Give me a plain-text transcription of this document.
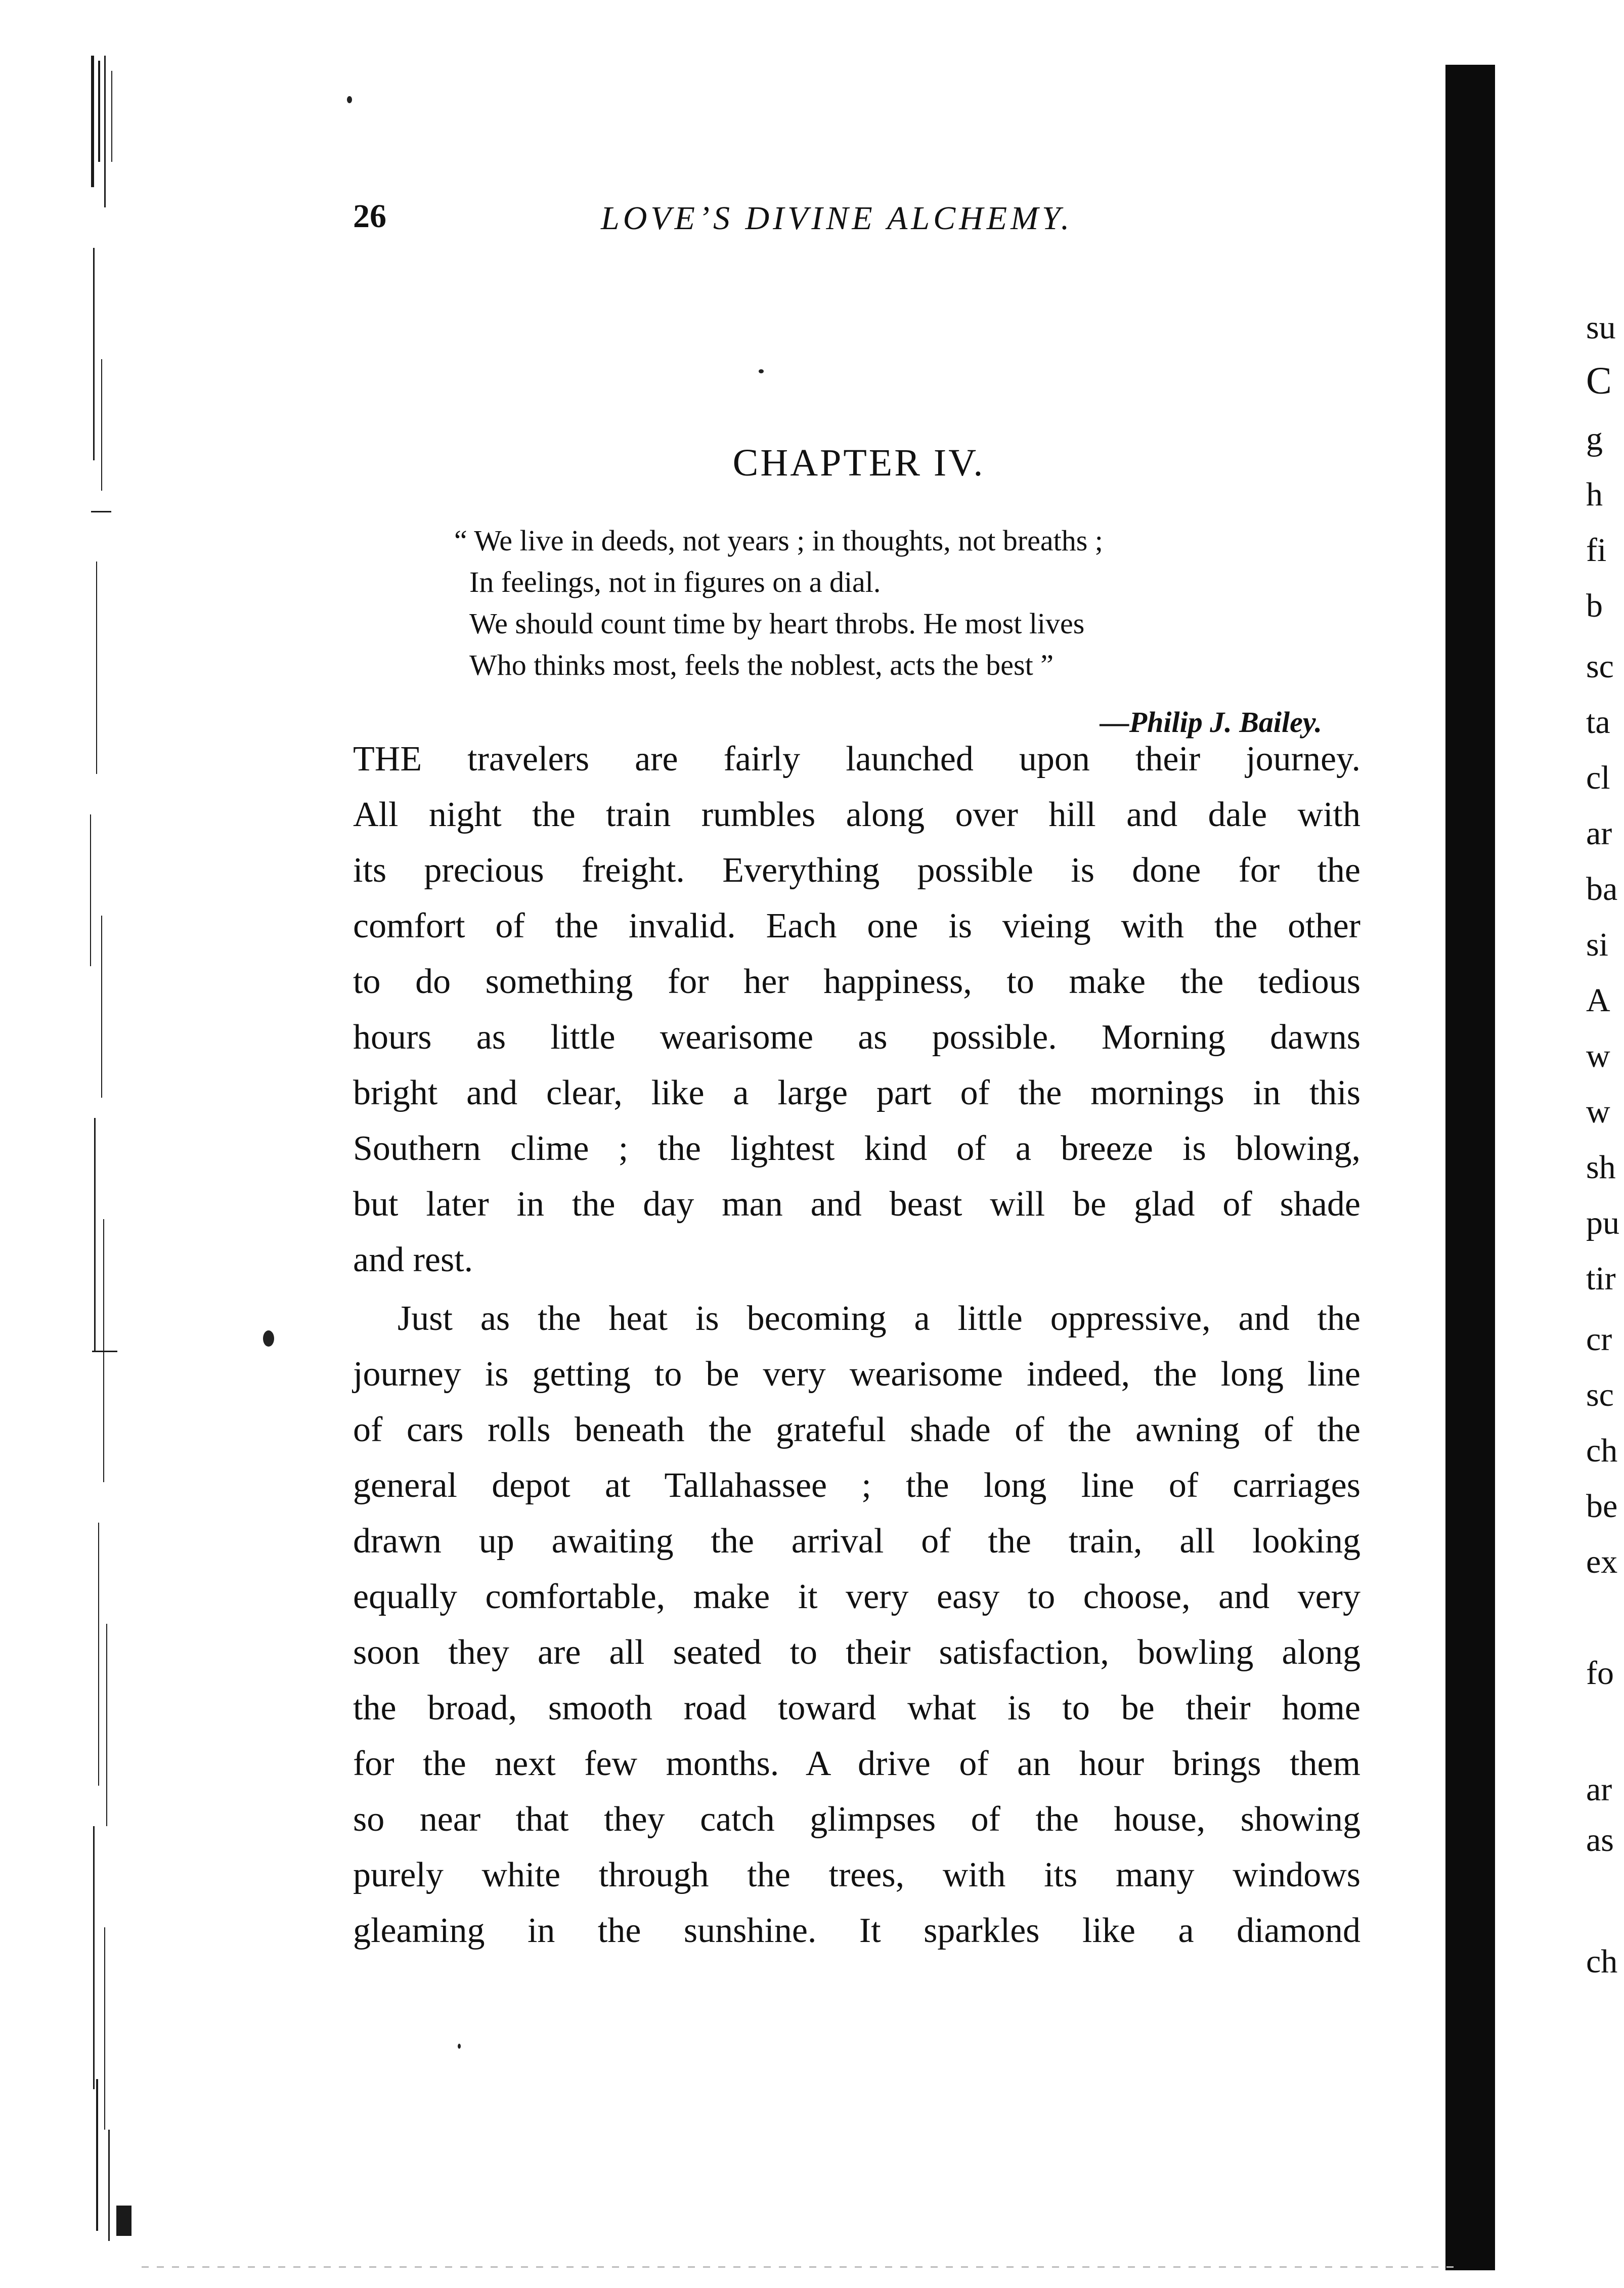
26	LOVE’S DIVINE ALCHEMY.
CHAPTER IV.
“ We live in deeds, not years ; in thoughts, not breaths ;
In feelings, not in figures on a dial.
We should count time by heart throbs. He most lives
Who thinks most, feels the noblest, acts the best ”
—Philip J. Bailey.
THE travelers are fairly launched upon their journey.
All night the train rumbles along over hill and dale with
its precious freight. Everything possible is done for the
comfort of the invalid. Each one is vieing with the other
to do something for her happiness, to make the tedious
hours as little wearisome as possible. Morning dawns
bright and clear, like a large part of the mornings in this
Southern clime ; the lightest kind of a breeze is blowing,
but later in the day man and beast will be glad of shade
and rest.
Just as the heat is becoming a little oppressive, and the
journey is getting to be very wearisome indeed, the long line
of cars rolls beneath the grateful shade of the awning of the
general depot at Tallahassee ; the long line of carriages
drawn up awaiting the arrival of the train, all looking
equally comfortable, make it very easy to choose, and very
soon they are all seated to their satisfaction, bowling along
the broad, smooth road toward what is to be their home
for the next few months. A drive of an hour brings them
so near that they catch glimpses of the house, showing
purely white through the trees, with its many windows
gleaming in the sunshine. It sparkles like a diamond
su
C
g
h
fi
b
sc
ta
cl
ar
ba
si
A
w
w
sh
pu
tir
cr
sc
ch
be
ex
fo
ar
as
ch
